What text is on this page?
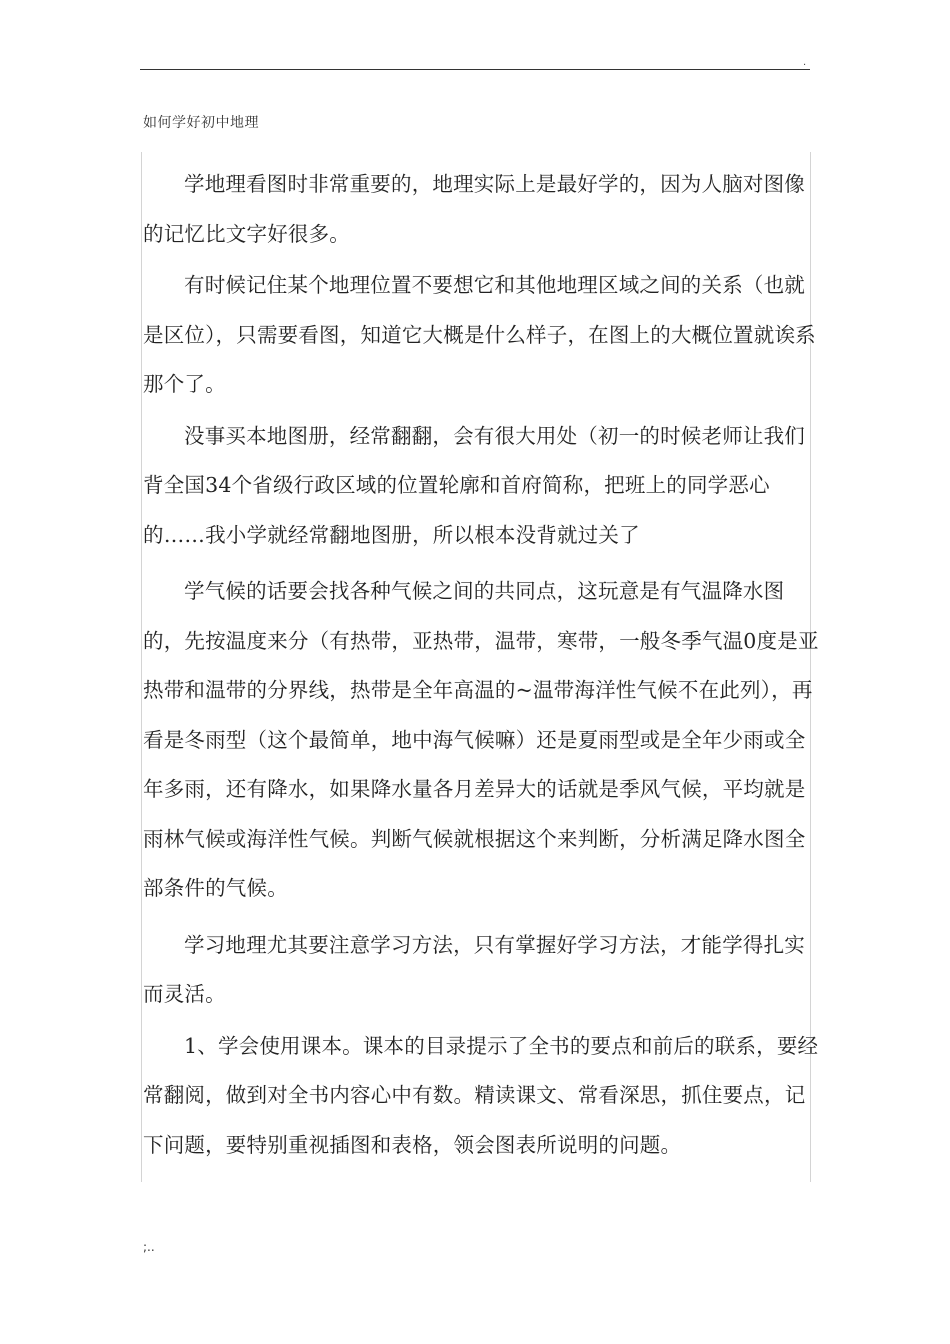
.
如何学好初中地理

学地理看图时非常重要的，地理实际上是最好学的，因为人脑对图像的记忆比文字好很多。

有时候记住某个地理位置不要想它和其他地理区域之间的关系（也就是区位），只需要看图，知道它大概是什么样子，在图上的大概位置就诶系那个了。

没事买本地图册，经常翻翻，会有很大用处（初一的时候老师让我们背全国34个省级行政区域的位置轮廓和首府简称，把班上的同学恶心的……我小学就经常翻地图册，所以根本没背就过关了

学气候的话要会找各种气候之间的共同点，这玩意是有气温降水图的，先按温度来分（有热带，亚热带，温带，寒带，一般冬季气温0度是亚热带和温带的分界线，热带是全年高温的~温带海洋性气候不在此列），再看是冬雨型（这个最简单，地中海气候嘛）还是夏雨型或是全年少雨或全年多雨，还有降水，如果降水量各月差异大的话就是季风气候，平均就是雨林气候或海洋性气候。判断气候就根据这个来判断，分析满足降水图全部条件的气候。

学习地理尤其要注意学习方法，只有掌握好学习方法，才能学得扎实而灵活。

1、学会使用课本。课本的目录提示了全书的要点和前后的联系，要经常翻阅，做到对全书内容心中有数。精读课文、常看深思，抓住要点，记下问题，要特别重视插图和表格，领会图表所说明的问题。

;..
